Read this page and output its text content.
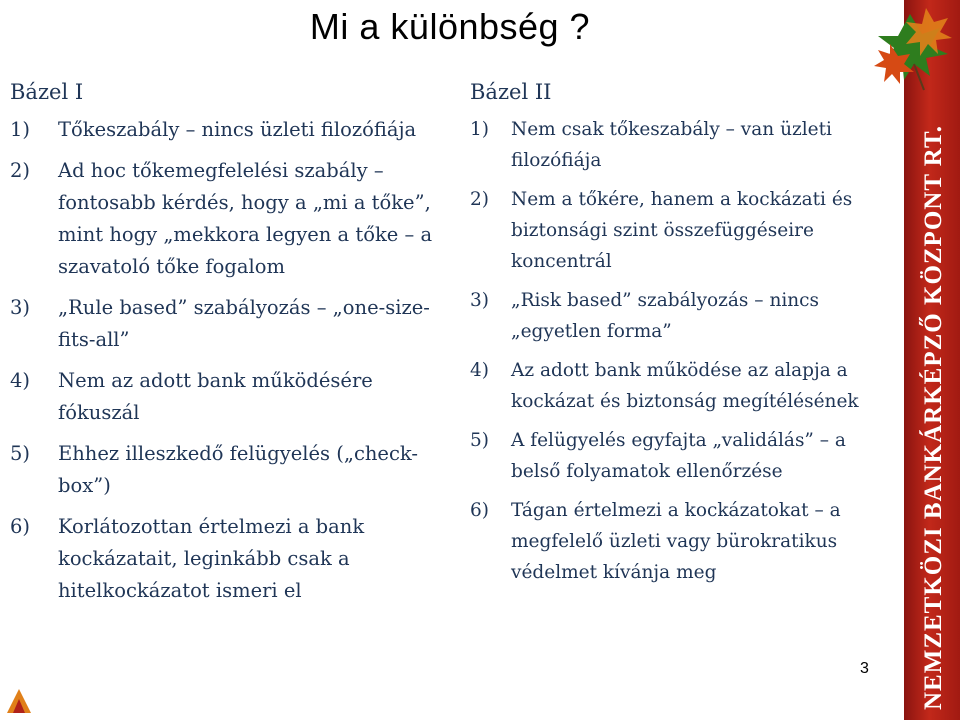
Mi a különbség ?
Bázel I
1)	Tőkeszabály – nincs üzleti filozófiája
2)	Ad hoc tőkemegfelelési szabály – fontosabb kérdés, hogy a „mi a tőke”, mint hogy „mekkora legyen a tőke – a szavatoló tőke fogalom
3)	„Rule based” szabályozás – „one-size-fits-all”
4)	Nem az adott bank működésére fókuszál
5)	Ehhez illeszkedő felügyelés („check-box”)
6)	Korlátozottan értelmezi a bank kockázatait, leginkább csak a hitelkockázatot ismeri el
Bázel II
1)	Nem csak tőkeszabály – van üzleti filozófiája
2)	Nem a tőkére, hanem a kockázati és biztonsági szint összefüggéseire koncentrál
3)	„Risk based” szabályozás – nincs „egyetlen forma”
4)	Az adott bank működése az alapja a kockázat és biztonság megítélésének
5)	A felügyelés egyfajta „validálás” – a belső folyamatok ellenőrzése
6)	Tágan értelmezi a kockázatokat – a megfelelő üzleti vagy bürokratikus védelmet kívánja meg	NEMZETKÖZI BANKÁRKÉPZŐ KÖZPONT RT.
3
